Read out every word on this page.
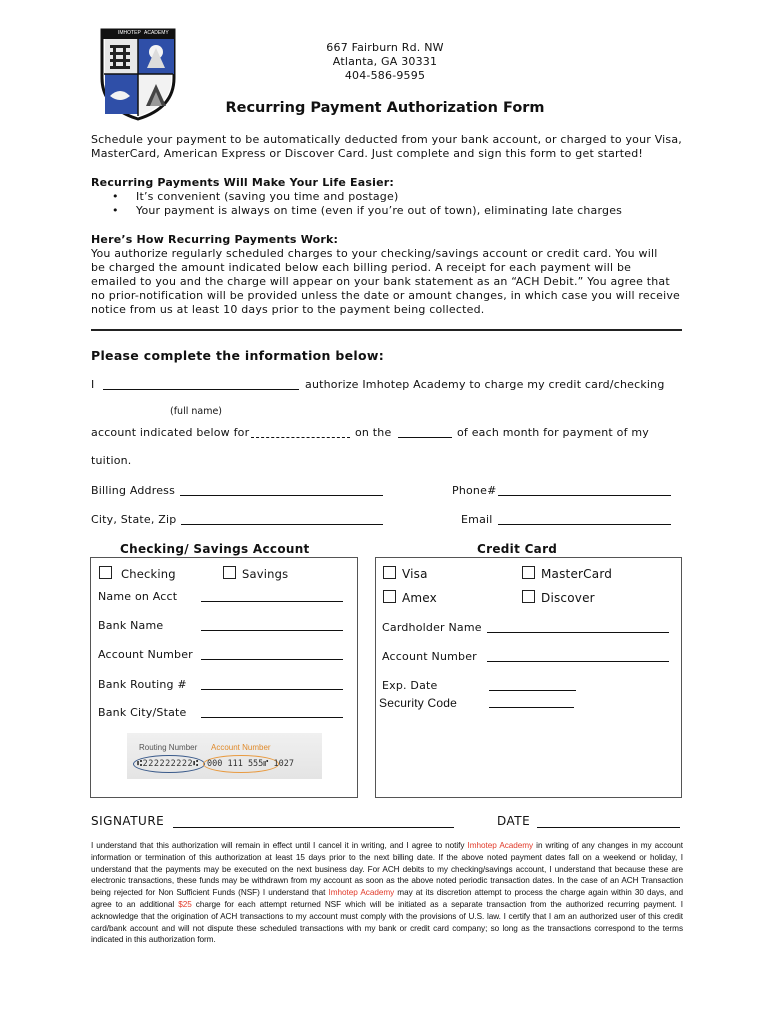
IMHOTEP ACADEMY
667 Fairburn Rd. NW
Atlanta, GA 30331
404-586-9595
Recurring Payment Authorization Form
Schedule your payment to be automatically deducted from your bank account, or charged to your Visa,
MasterCard, American Express or Discover Card. Just complete and sign this form to get started!
Recurring Payments Will Make Your Life Easier:
• It’s convenient (saving you time and postage)
• Your payment is always on time (even if you’re out of town), eliminating late charges
Here’s How Recurring Payments Work:
You authorize regularly scheduled charges to your checking/savings account or credit card. You will
be charged the amount indicated below each billing period. A receipt for each payment will be
emailed to you and the charge will appear on your bank statement as an “ACH Debit.” You agree that
no prior-notification will be provided unless the date or amount changes, in which case you will receive
notice from us at least 10 days prior to the payment being collected.
Please complete the information below:
I	authorize Imhotep Academy to charge my credit card/checking
(full name)
account indicated below for	on the	of each month for payment of my
tuition.
Billing Address	Phone#
City, State, Zip	Email
Checking/ Savings Account
Checking	Savings
Name on Acct
Bank Name
Account Number
Bank Routing #
Bank City/State
Routing Number Account Number
⑆222222222⑆ 000 111 555⑈ 1027
Credit Card
Visa	MasterCard
Amex	Discover
Cardholder Name
Account Number
Exp. Date
Security Code
SIGNATURE	DATE
I understand that this authorization will remain in effect until I cancel it in writing, and I agree to notify Imhotep Academy in writing of any changes in my account information or termination of this authorization at least 15 days prior to the next billing date. If the above noted payment dates fall on a weekend or holiday, I understand that the payments may be executed on the next business day. For ACH debits to my checking/savings account, I understand that because these are electronic transactions, these funds may be withdrawn from my account as soon as the above noted periodic transaction dates. In the case of an ACH Transaction being rejected for Non Sufficient Funds (NSF) I understand that Imhotep Academy may at its discretion attempt to process the charge again within 30 days, and agree to an additional $25 charge for each attempt returned NSF which will be initiated as a separate transaction from the authorized recurring payment. I acknowledge that the origination of ACH transactions to my account must comply with the provisions of U.S. law. I certify that I am an authorized user of this credit card/bank account and will not dispute these scheduled transactions with my bank or credit card company; so long as the transactions correspond to the terms indicated in this authorization form.
